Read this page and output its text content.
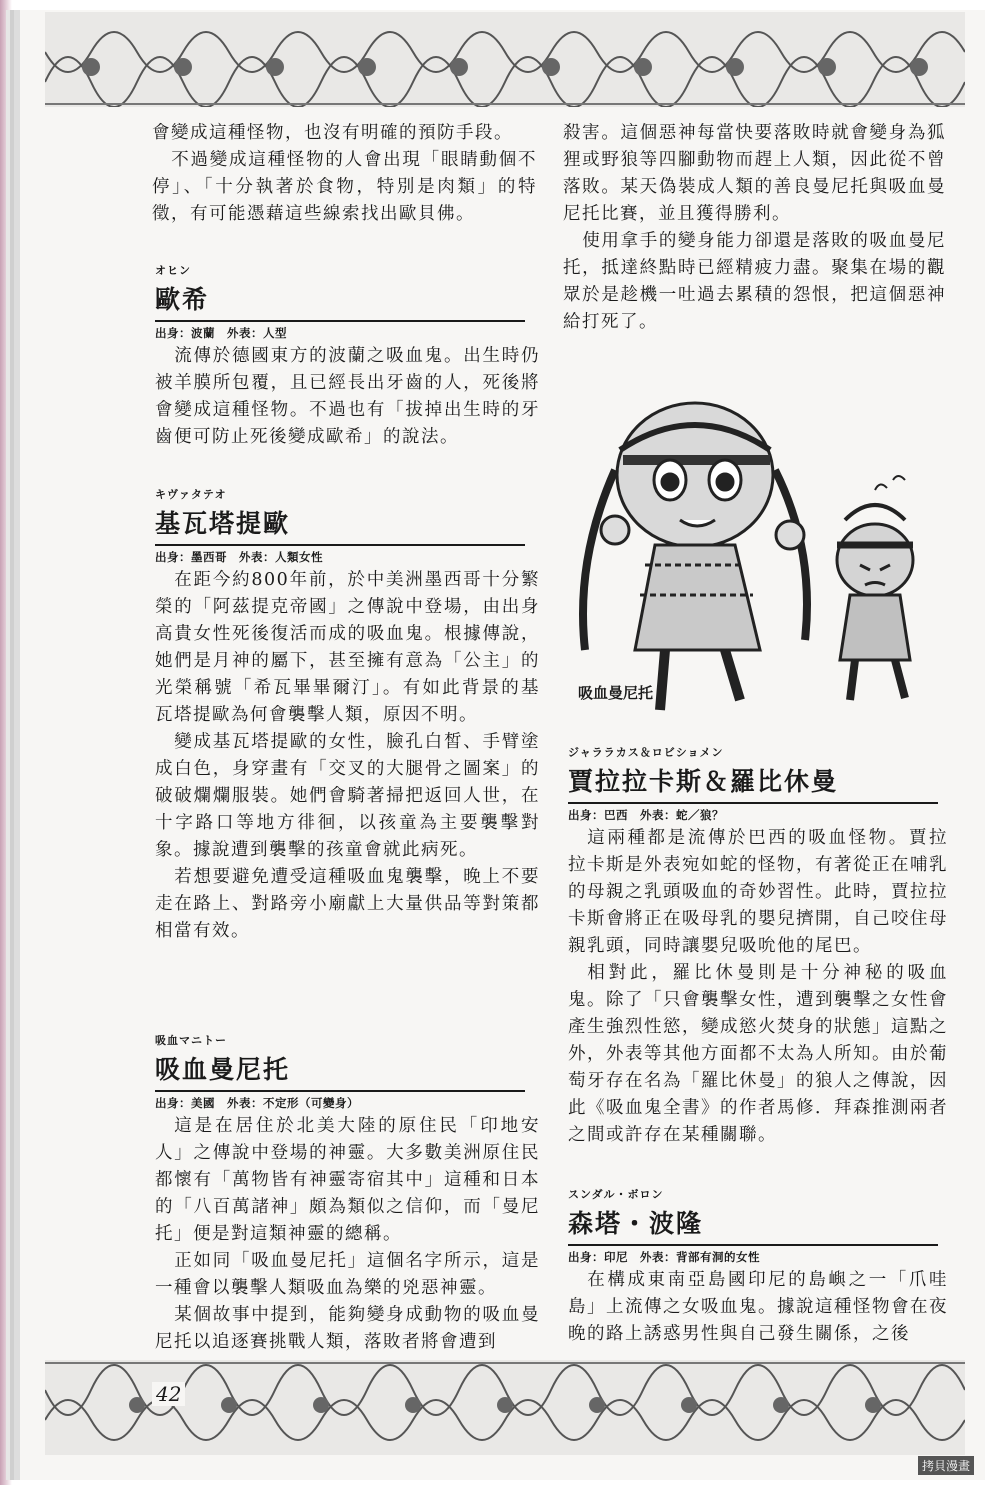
會變成這種怪物，也沒有明確的預防手段。

不過變成這種怪物的人會出現「眼睛動個不停」、「十分執著於食物，特別是肉類」的特徵，有可能憑藉這些線索找出歐貝佛。

オヒン
歐希
出身：波蘭　外表：人型

流傳於德國東方的波蘭之吸血鬼。出生時仍被羊膜所包覆，且已經長出牙齒的人，死後將會變成這種怪物。不過也有「拔掉出生時的牙齒便可防止死後變成歐希」的說法。

キヴァタテオ
基瓦塔提歐
出身：墨西哥　外表：人類女性

在距今約800年前，於中美洲墨西哥十分繁榮的「阿茲提克帝國」之傳說中登場，由出身高貴女性死後復活而成的吸血鬼。根據傳說，她們是月神的屬下，甚至擁有意為「公主」的光榮稱號「希瓦畢畢爾汀」。有如此背景的基瓦塔提歐為何會襲擊人類，原因不明。

變成基瓦塔提歐的女性，臉孔白皙、手臂塗成白色，身穿畫有「交叉的大腿骨之圖案」的破破爛爛服裝。她們會騎著掃把返回人世，在十字路口等地方徘徊，以孩童為主要襲擊對象。據說遭到襲擊的孩童會就此病死。

若想要避免遭受這種吸血鬼襲擊，晚上不要走在路上、對路旁小廟獻上大量供品等對策都相當有效。

吸血マニトー
吸血曼尼托
出身：美國　外表：不定形（可變身）

這是在居住於北美大陸的原住民「印地安人」之傳說中登場的神靈。大多數美洲原住民都懷有「萬物皆有神靈寄宿其中」這種和日本的「八百萬諸神」頗為類似之信仰，而「曼尼托」便是對這類神靈的總稱。

正如同「吸血曼尼托」這個名字所示，這是一種會以襲擊人類吸血為樂的兇惡神靈。

某個故事中提到，能夠變身成動物的吸血曼尼托以追逐賽挑戰人類，落敗者將會遭到

殺害。這個惡神每當快要落敗時就會變身為狐狸或野狼等四腳動物而趕上人類，因此從不曾落敗。某天偽裝成人類的善良曼尼托與吸血曼尼托比賽，並且獲得勝利。

使用拿手的變身能力卻還是落敗的吸血曼尼托，抵達終點時已經精疲力盡。聚集在場的觀眾於是趁機一吐過去累積的怨恨，把這個惡神給打死了。

吸血曼尼托
ジャララカス＆ロビショメン
賈拉拉卡斯＆羅比休曼
出身：巴西　外表：蛇／狼？

這兩種都是流傳於巴西的吸血怪物。賈拉拉卡斯是外表宛如蛇的怪物，有著從正在哺乳的母親之乳頭吸血的奇妙習性。此時，賈拉拉卡斯會將正在吸母乳的嬰兒擠開，自己咬住母親乳頭，同時讓嬰兒吸吮他的尾巴。

相對此，羅比休曼則是十分神秘的吸血鬼。除了「只會襲擊女性，遭到襲擊之女性會產生強烈性慾，變成慾火焚身的狀態」這點之外，外表等其他方面都不太為人所知。由於葡萄牙存在名為「羅比休曼」的狼人之傳說，因此《吸血鬼全書》的作者馬修．拜森推測兩者之間或許存在某種關聯。

スンダル・ボロン
森塔・波隆
出身：印尼　外表：背部有洞的女性

在構成東南亞島國印尼的島嶼之一「爪哇島」上流傳之女吸血鬼。據說這種怪物會在夜晚的路上誘惑男性與自己發生關係，之後

42
拷貝漫畫
